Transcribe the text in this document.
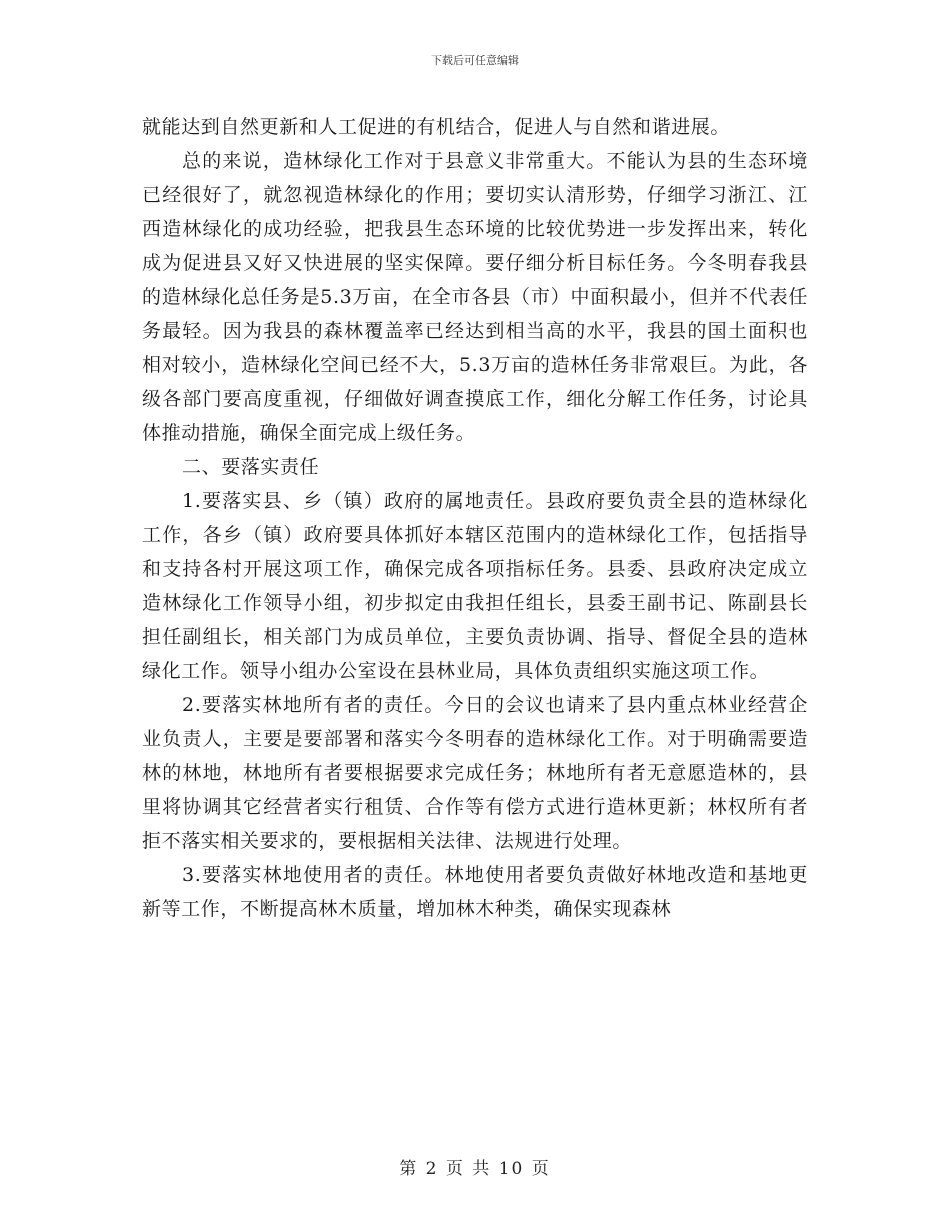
下载后可任意编辑

就能达到自然更新和人工促进的有机结合，促进人与自然和谐进展。

总的来说，造林绿化工作对于县意义非常重大。不能认为县的生态环境已经很好了，就忽视造林绿化的作用；要切实认清形势，仔细学习浙江、江西造林绿化的成功经验，把我县生态环境的比较优势进一步发挥出来，转化成为促进县又好又快进展的坚实保障。要仔细分析目标任务。今冬明春我县的造林绿化总任务是5.3万亩，在全市各县（市）中面积最小，但并不代表任务最轻。因为我县的森林覆盖率已经达到相当高的水平，我县的国土面积也相对较小，造林绿化空间已经不大，5.3万亩的造林任务非常艰巨。为此，各级各部门要高度重视，仔细做好调查摸底工作，细化分解工作任务，讨论具体推动措施，确保全面完成上级任务。

二、要落实责任

1.要落实县、乡（镇）政府的属地责任。县政府要负责全县的造林绿化工作，各乡（镇）政府要具体抓好本辖区范围内的造林绿化工作，包括指导和支持各村开展这项工作，确保完成各项指标任务。县委、县政府决定成立造林绿化工作领导小组，初步拟定由我担任组长，县委王副书记、陈副县长担任副组长，相关部门为成员单位，主要负责协调、指导、督促全县的造林绿化工作。领导小组办公室设在县林业局，具体负责组织实施这项工作。

2.要落实林地所有者的责任。今日的会议也请来了县内重点林业经营企业负责人，主要是要部署和落实今冬明春的造林绿化工作。对于明确需要造林的林地，林地所有者要根据要求完成任务；林地所有者无意愿造林的，县里将协调其它经营者实行租赁、合作等有偿方式进行造林更新；林权所有者拒不落实相关要求的，要根据相关法律、法规进行处理。

3.要落实林地使用者的责任。林地使用者要负责做好林地改造和基地更新等工作，不断提高林木质量，增加林木种类，确保实现森林

第 2 页 共 10 页
